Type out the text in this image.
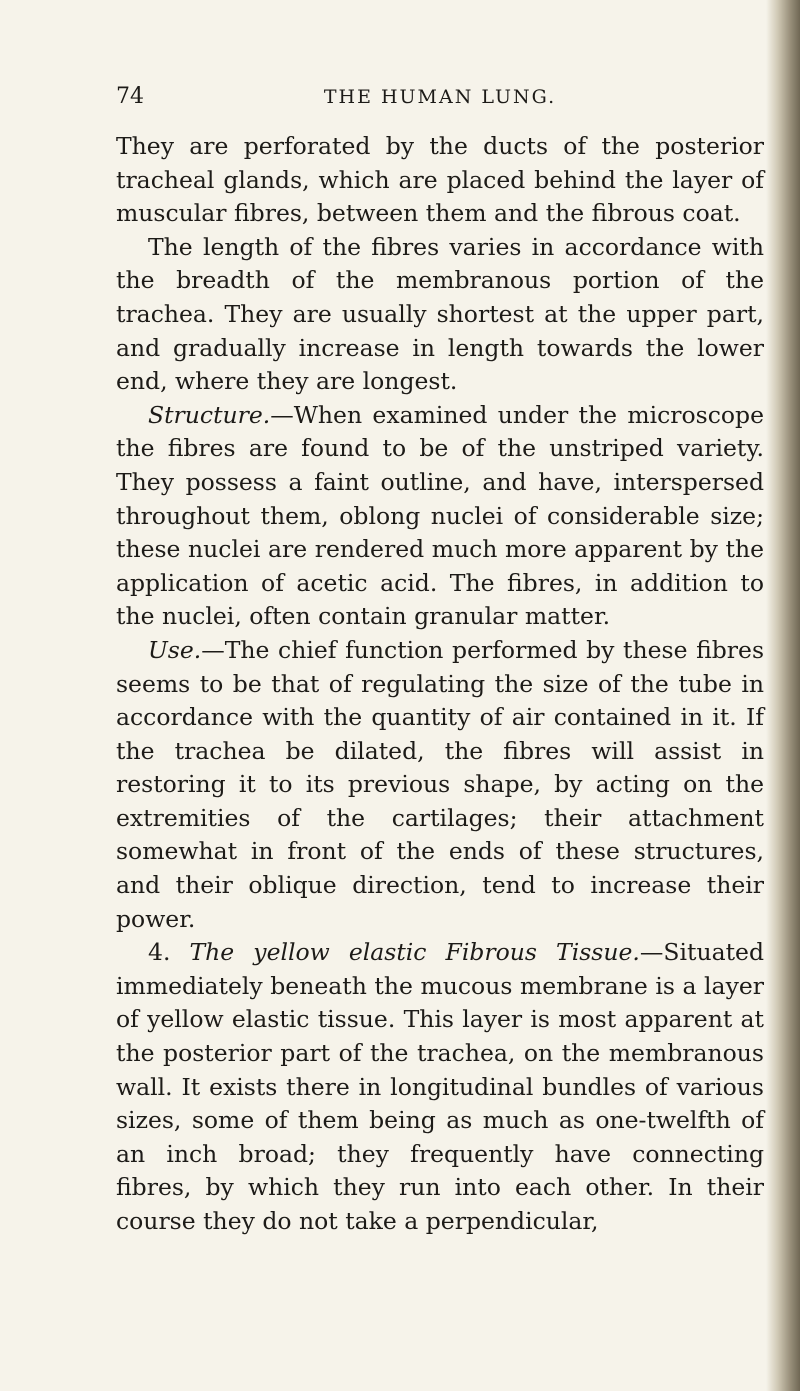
74	THE HUMAN LUNG.

They are perforated by the ducts of the posterior tracheal glands, which are placed behind the layer of muscular fibres, between them and the fibrous coat.

The length of the fibres varies in accordance with the breadth of the membranous portion of the trachea. They are usually shortest at the upper part, and gradually increase in length towards the lower end, where they are longest.

Structure.—When examined under the microscope the fibres are found to be of the unstriped variety. They possess a faint outline, and have, interspersed throughout them, oblong nuclei of considerable size; these nuclei are rendered much more apparent by the application of acetic acid. The fibres, in addition to the nuclei, often contain granular matter.

Use.—The chief function performed by these fibres seems to be that of regulating the size of the tube in accordance with the quantity of air contained in it. If the trachea be dilated, the fibres will assist in restoring it to its previous shape, by acting on the extremities of the cartilages; their attachment somewhat in front of the ends of these structures, and their oblique direction, tend to increase their power.

4. The yellow elastic Fibrous Tissue.—Situated immediately beneath the mucous membrane is a layer of yellow elastic tissue. This layer is most apparent at the posterior part of the trachea, on the membranous wall. It exists there in longitudinal bundles of various sizes, some of them being as much as one-twelfth of an inch broad; they frequently have connecting fibres, by which they run into each other. In their course they do not take a perpendicular,
